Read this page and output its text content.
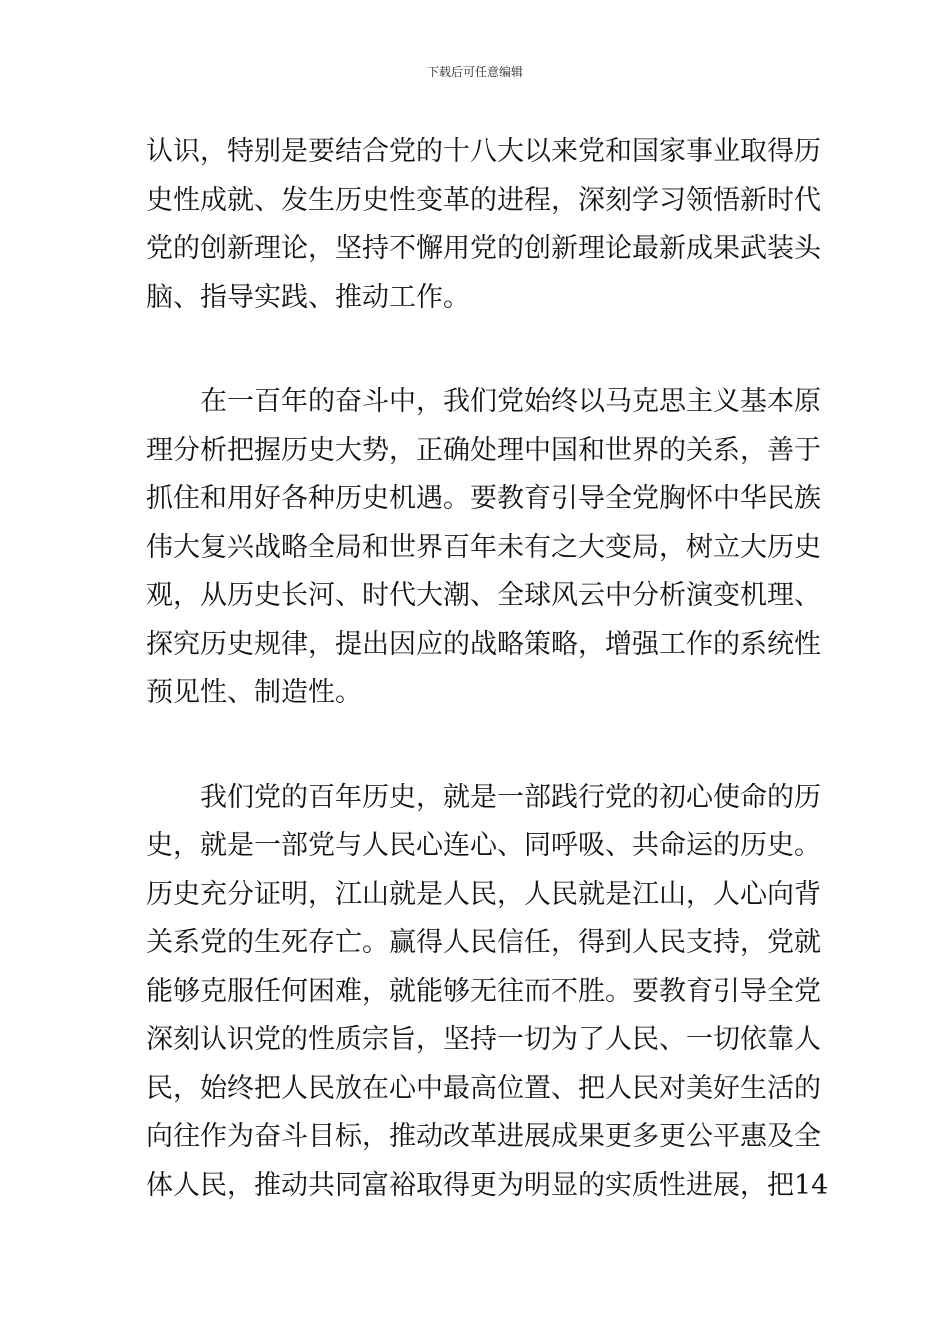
下载后可任意编辑

认识，特别是要结合党的十八大以来党和国家事业取得历

史性成就、发生历史性变革的进程，深刻学习领悟新时代

党的创新理论，坚持不懈用党的创新理论最新成果武装头

脑、指导实践、推动工作。

在一百年的奋斗中，我们党始终以马克思主义基本原

理分析把握历史大势，正确处理中国和世界的关系，善于

抓住和用好各种历史机遇。要教育引导全党胸怀中华民族

伟大复兴战略全局和世界百年未有之大变局，树立大历史

观，从历史长河、时代大潮、全球风云中分析演变机理、

探究历史规律，提出因应的战略策略，增强工作的系统性

预见性、制造性。

我们党的百年历史，就是一部践行党的初心使命的历

史，就是一部党与人民心连心、同呼吸、共命运的历史。

历史充分证明，江山就是人民，人民就是江山，人心向背

关系党的生死存亡。赢得人民信任，得到人民支持，党就

能够克服任何困难，就能够无往而不胜。要教育引导全党

深刻认识党的性质宗旨，坚持一切为了人民、一切依靠人

民，始终把人民放在心中最高位置、把人民对美好生活的

向往作为奋斗目标，推动改革进展成果更多更公平惠及全

体人民，推动共同富裕取得更为明显的实质性进展，把14
